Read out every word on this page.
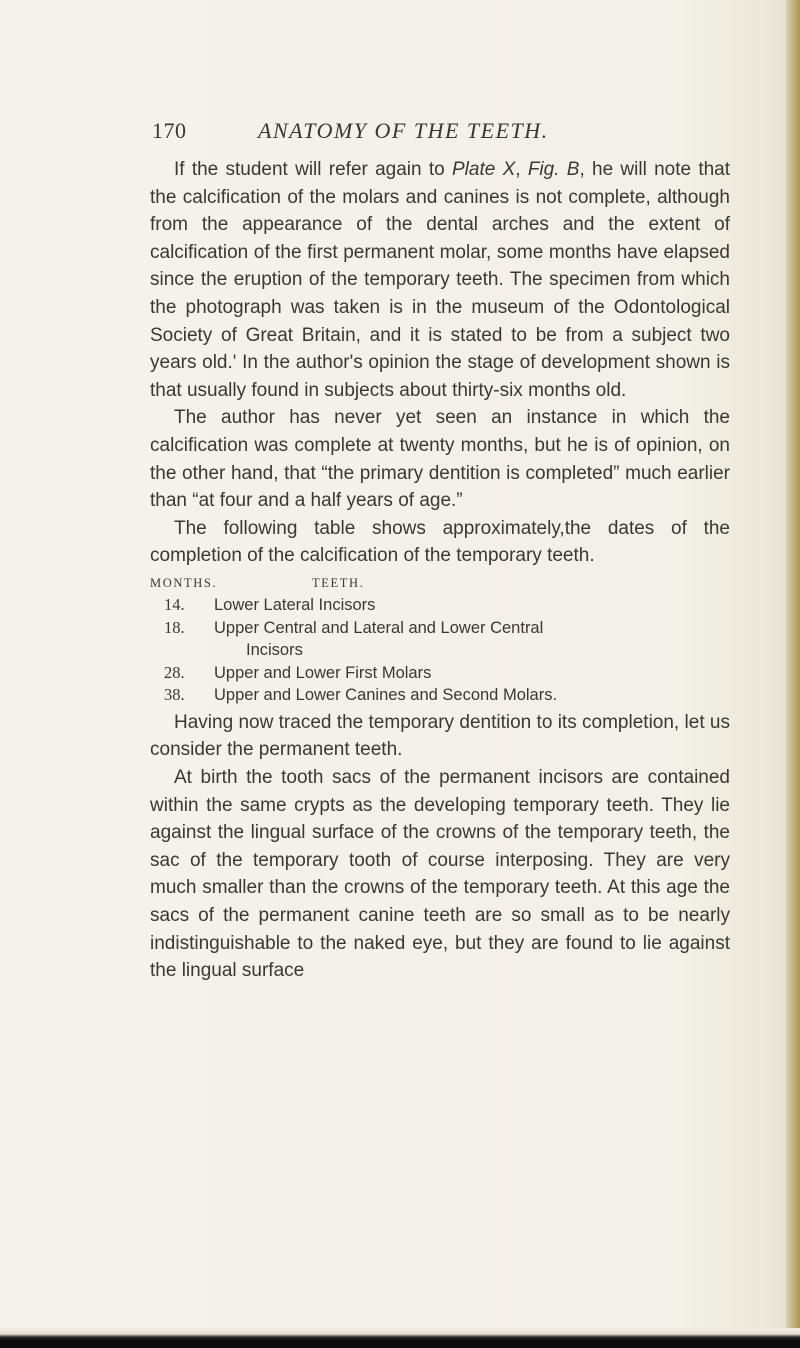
170	ANATOMY OF THE TEETH.

If the student will refer again to Plate X, Fig. B, he will note that the calcification of the molars and canines is not complete, although from the appearance of the dental arches and the extent of calcification of the first permanent molar, some months have elapsed since the eruption of the temporary teeth. The specimen from which the photograph was taken is in the museum of the Odontological Society of Great Britain, and it is stated to be from a subject two years old.' In the author's opinion the stage of development shown is that usually found in subjects about thirty-six months old.

The author has never yet seen an instance in which the calcification was complete at twenty months, but he is of opinion, on the other hand, that “the primary dentition is completed” much earlier than “at four and a half years of age.”

The following table shows approximately,the dates of the completion of the calcification of the temporary teeth.

MONTHS.	TEETH.
14.	Lower Lateral Incisors
18.	Upper Central and Lateral and Lower Central
Incisors
28.	Upper and Lower First Molars
38.	Upper and Lower Canines and Second Molars.

Having now traced the temporary dentition to its completion, let us consider the permanent teeth.

At birth the tooth sacs of the permanent incisors are contained within the same crypts as the developing temporary teeth. They lie against the lingual surface of the crowns of the temporary teeth, the sac of the temporary tooth of course interposing. They are very much smaller than the crowns of the temporary teeth. At this age the sacs of the permanent canine teeth are so small as to be nearly indistinguishable to the naked eye, but they are found to lie against the lingual surface
